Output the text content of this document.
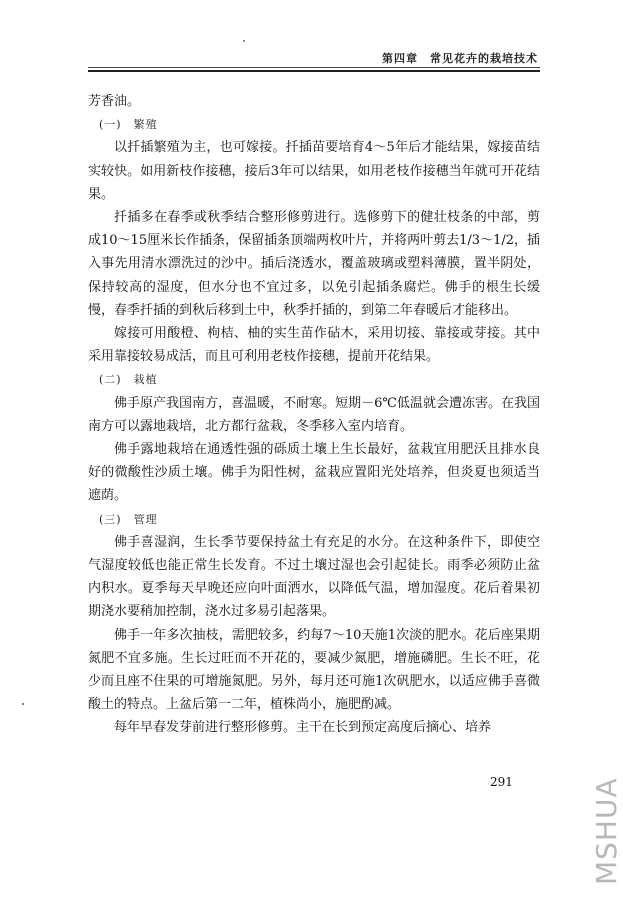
第四章　常见花卉的栽培技术

芳香油。

(一)　繁殖

以扦插繁殖为主，也可嫁接。扦插苗要培育4～5年后才能结果，嫁接苗结实较快。如用新枝作接穗，接后3年可以结果，如用老枝作接穗当年就可开花结果。

扦插多在春季或秋季结合整形修剪进行。选修剪下的健壮枝条的中部，剪成10～15厘米长作插条，保留插条顶端两枚叶片，并将两叶剪去1/3～1/2，插入事先用清水漂洗过的沙中。插后浇透水，覆盖玻璃或塑料薄膜，置半阴处，保持较高的湿度，但水分也不宜过多，以免引起插条腐烂。佛手的根生长缓慢，春季扦插的到秋后移到土中，秋季扦插的，到第二年春暖后才能移出。

嫁接可用酸橙、枸桔、柚的实生苗作砧木，采用切接、靠接或芽接。其中采用靠接较易成活，而且可利用老枝作接穗，提前开花结果。

(二)　栽植

佛手原产我国南方，喜温暖，不耐寒。短期－6℃低温就会遭冻害。在我国南方可以露地栽培，北方都行盆栽，冬季移入室内培育。

佛手露地栽培在通透性强的砾质土壤上生长最好，盆栽宜用肥沃且排水良好的微酸性沙质土壤。佛手为阳性树，盆栽应置阳光处培养，但炎夏也须适当遮荫。

(三)　管理

佛手喜湿润，生长季节要保持盆土有充足的水分。在这种条件下，即使空气湿度较低也能正常生长发育。不过土壤过湿也会引起徒长。雨季必须防止盆内积水。夏季每天早晚还应向叶面洒水，以降低气温，增加湿度。花后着果初期浇水要稍加控制，浇水过多易引起落果。

佛手一年多次抽枝，需肥较多，约每7～10天施1次淡的肥水。花后座果期氮肥不宜多施。生长过旺而不开花的，要减少氮肥，增施磷肥。生长不旺，花少而且座不住果的可增施氮肥。另外，每月还可施1次矾肥水，以适应佛手喜微酸土的特点。上盆后第一二年，植株尚小，施肥酌减。

每年早春发芽前进行整形修剪。主干在长到预定高度后摘心、培养

291	MSHUA
